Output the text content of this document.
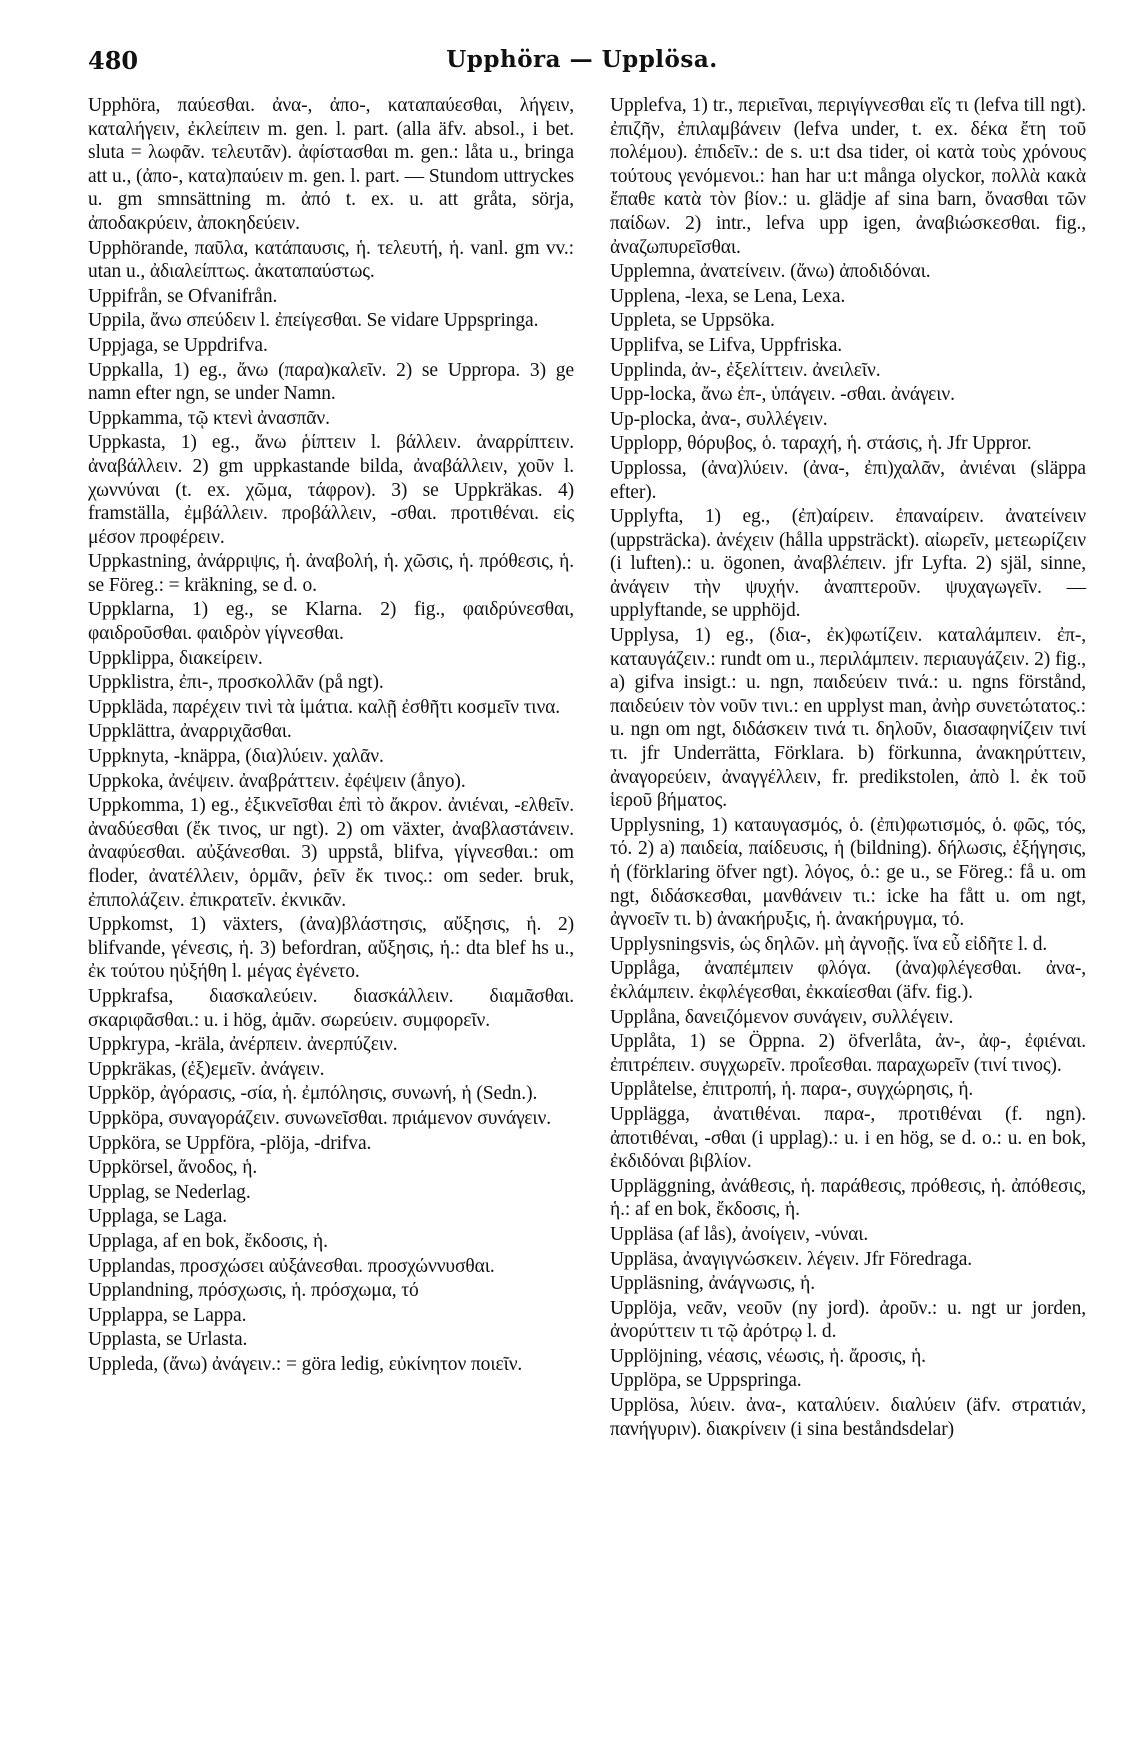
480	Upphöra — Upplösa.
Upphöra, παύεσθαι. ἀνα-, ἀπο-, καταπαύεσθαι, λήγειν, καταλήγειν, ἐκλείπειν m. gen. l. part. (alla äfv. absol., i bet. sluta = λωφᾶν. τελευτᾶν). ἀφίστασθαι m. gen.: låta u., bringa att u., (ἀπο-, κατα)παύειν m. gen. l. part. — Stundom uttryckes u. gm smnsättning m. ἀπό t. ex. u. att gråta, sörja, ἀποδακρύειν, ἀποκηδεύειν.
Upphörande, παῦλα, κατάπαυσις, ἡ. τελευτή, ἡ. vanl. gm vv.: utan u., ἀδιαλείπτως. ἀκαταπαύστως.
Uppifrån, se Ofvanifrån.
Uppila, ἄνω σπεύδειν l. ἐπείγεσθαι. Se vidare Uppspringa.
Uppjaga, se Uppdrifva.
Uppkalla, 1) eg., ἄνω (παρα)καλεῖν. 2) se Uppropa. 3) ge namn efter ngn, se under Namn.
Uppkamma, τῷ κτενὶ ἀνασπᾶν.
Uppkasta, 1) eg., ἄνω ῥίπτειν l. βάλλειν. ἀναρρίπτειν. ἀναβάλλειν. 2) gm uppkastande bilda, ἀναβάλλειν, χοῦν l. χωννύναι (t. ex. χῶμα, τάφρον). 3) se Uppkräkas. 4) framställa, ἐμβάλλειν. προβάλλειν, -σθαι. προτιθέναι. εἰς μέσον προφέρειν.
Uppkastning, ἀνάρριψις, ἡ. ἀναβολή, ἡ. χῶσις, ἡ. πρόθεσις, ἡ. se Föreg.: = kräkning, se d. o.
Uppklarna, 1) eg., se Klarna. 2) fig., φαιδρύνεσθαι, φαιδροῦσθαι. φαιδρὸν γίγνεσθαι.
Uppklippa, διακείρειν.
Uppklistra, ἐπι-, προσκολλᾶν (på ngt).
Uppkläda, παρέχειν τινὶ τὰ ἱμάτια. καλῇ ἐσθῆτι κοσμεῖν τινα.
Uppklättra, ἀναρριχᾶσθαι.
Uppknyta, -knäppa, (δια)λύειν. χαλᾶν.
Uppkoka, ἀνέψειν. ἀναβράττειν. ἐφέψειν (ånyo).
Uppkomma, 1) eg., ἐξικνεῖσθαι ἐπὶ τὸ ἄκρον. ἀνιέναι, -ελθεῖν. ἀναδύεσθαι (ἔκ τινος, ur ngt). 2) om växter, ἀναβλαστάνειν. ἀναφύεσθαι. αὐξάνεσθαι. 3) uppstå, blifva, γίγνεσθαι.: om floder, ἀνατέλλειν, ὁρμᾶν, ῥεῖν ἔκ τινος.: om seder. bruk, ἐπιπολάζειν. ἐπικρατεῖν. ἐκνικᾶν.
Uppkomst, 1) växters, (ἀνα)βλάστησις, αὔξησις, ἡ. 2) blifvande, γένεσις, ἡ. 3) befordran, αὔξησις, ἡ.: dta blef hs u., ἐκ τούτου ηὐξήθη l. μέγας ἐγένετο.
Uppkrafsa, διασκαλεύειν. διασκάλλειν. διαμᾶσθαι. σκαριφᾶσθαι.: u. i hög, ἀμᾶν. σωρεύειν. συμφορεῖν.
Uppkrypa, -kräla, ἀνέρπειν. ἀνερπύζειν.
Uppkräkas, (ἐξ)εμεῖν. ἀνάγειν.
Uppköp, ἀγόρασις, -σία, ἡ. ἐμπόλησις, συνωνή, ἡ (Sedn.).
Uppköpa, συναγοράζειν. συνωνεῖσθαι. πριάμενον συνάγειν.
Uppköra, se Uppföra, -plöja, -drifva.
Uppkörsel, ἄνοδος, ἡ.
Upplag, se Nederlag.
Upplaga, se Laga.
Upplaga, af en bok, ἔκδοσις, ἡ.
Upplandas, προσχώσει αὐξάνεσθαι. προσχώννυσθαι.
Upplandning, πρόσχωσις, ἡ. πρόσχωμα, τό
Upplappa, se Lappa.
Upplasta, se Urlasta.
Uppleda, (ἄνω) ἀνάγειν.: = göra ledig, εὐκίνητον ποιεῖν.
Upplefva, 1) tr., περιεῖναι, περιγίγνεσθαι εἴς τι (lefva till ngt). ἐπιζῆν, ἐπιλαμβάνειν (lefva under, t. ex. δέκα ἔτη τοῦ πολέμου). ἐπιδεῖν.: de s. u:t dsa tider, οἱ κατὰ τοὺς χρόνους τούτους γενόμενοι.: han har u:t många olyckor, πολλὰ κακὰ ἔπαθε κατὰ τὸν βίον.: u. glädje af sina barn, ὄνασθαι τῶν παίδων. 2) intr., lefva upp igen, ἀναβιώσκεσθαι. fig., ἀναζωπυρεῖσθαι.
Upplemna, ἀνατείνειν. (ἄνω) ἀποδιδόναι.
Upplena, -lexa, se Lena, Lexa.
Uppleta, se Uppsöka.
Upplifva, se Lifva, Uppfriska.
Upplinda, ἀν-, ἐξελίττειν. ἀνειλεῖν.
Upp-locka, ἄνω ἐπ-, ὑπάγειν. -σθαι. ἀνάγειν.
Up-plocka, ἀνα-, συλλέγειν.
Upplopp, θόρυβος, ὁ. ταραχή, ἡ. στάσις, ἡ. Jfr Uppror.
Upplossa, (ἀνα)λύειν. (ἀνα-, ἐπι)χαλᾶν, ἀνιέναι (släppa efter).
Upplyfta, 1) eg., (ἐπ)αίρειν. ἐπαναίρειν. ἀνατείνειν (uppsträcka). ἀνέχειν (hålla uppsträckt). αἰωρεῖν, μετεωρίζειν (i luften).: u. ögonen, ἀναβλέπειν. jfr Lyfta. 2) själ, sinne, ἀνάγειν τὴν ψυχήν. ἀναπτεροῦν. ψυχαγωγεῖν. — upplyftande, se upphöjd.
Upplysa, 1) eg., (δια-, ἐκ)φωτίζειν. καταλάμπειν. ἐπ-, καταυγάζειν.: rundt om u., περιλάμπειν. περιαυγάζειν. 2) fig., a) gifva insigt.: u. ngn, παιδεύειν τινά.: u. ngns förstånd, παιδεύειν τὸν νοῦν τινι.: en upplyst man, ἀνὴρ συνετώτατος.: u. ngn om ngt, διδάσκειν τινά τι. δηλοῦν, διασαφηνίζειν τινί τι. jfr Underrätta, Förklara. b) förkunna, ἀνακηρύττειν, ἀναγορεύειν, ἀναγγέλλειν, fr. predikstolen, ἀπὸ l. ἐκ τοῦ ἱεροῦ βήματος.
Upplysning, 1) καταυγασμός, ὁ. (ἐπι)φωτισμός, ὁ. φῶς, τός, τό. 2) a) παιδεία, παίδευσις, ἡ (bildning). δήλωσις, ἐξήγησις, ἡ (förklaring öfver ngt). λόγος, ὁ.: ge u., se Föreg.: få u. om ngt, διδάσκεσθαι, μανθάνειν τι.: icke ha fått u. om ngt, ἀγνοεῖν τι. b) ἀνακήρυξις, ἡ. ἀνακήρυγμα, τό.
Upplysningsvis, ὡς δηλῶν. μὴ ἀγνοῇς. ἵνα εὖ εἰδῆτε l. d.
Upplåga, ἀναπέμπειν φλόγα. (ἀνα)φλέγεσθαι. ἀνα-, ἐκλάμπειν. ἐκφλέγεσθαι, ἐκκαίεσθαι (äfv. fig.).
Upplåna, δανειζόμενον συνάγειν, συλλέγειν.
Upplåta, 1) se Öppna. 2) öfverlåta, ἀν-, ἀφ-, ἐφιέναι. ἐπιτρέπειν. συγχωρεῖν. προΐεσθαι. παραχωρεῖν (τινί τινος).
Upplåtelse, ἐπιτροπή, ἡ. παρα-, συγχώρησις, ἡ.
Upplägga, ἀνατιθέναι. παρα-, προτιθέναι (f. ngn). ἀποτιθέναι, -σθαι (i upplag).: u. i en hög, se d. o.: u. en bok, ἐκδιδόναι βιβλίον.
Uppläggning, ἀνάθεσις, ἡ. παράθεσις, πρόθεσις, ἡ. ἀπόθεσις, ἡ.: af en bok, ἔκδοσις, ἡ.
Uppläsa (af lås), ἀνοίγειν, -νύναι.
Uppläsa, ἀναγιγνώσκειν. λέγειν. Jfr Föredraga.
Uppläsning, ἀνάγνωσις, ἡ.
Upplöja, νεᾶν, νεοῦν (ny jord). ἀροῦν.: u. ngt ur jorden, ἀνορύττειν τι τῷ ἀρότρῳ l. d.
Upplöjning, νέασις, νέωσις, ἡ. ἄροσις, ἡ.
Upplöpa, se Uppspringa.
Upplösa, λύειν. ἀνα-, καταλύειν. διαλύειν (äfv. στρατιάν, πανήγυριν). διακρίνειν (i sina beståndsdelar)
